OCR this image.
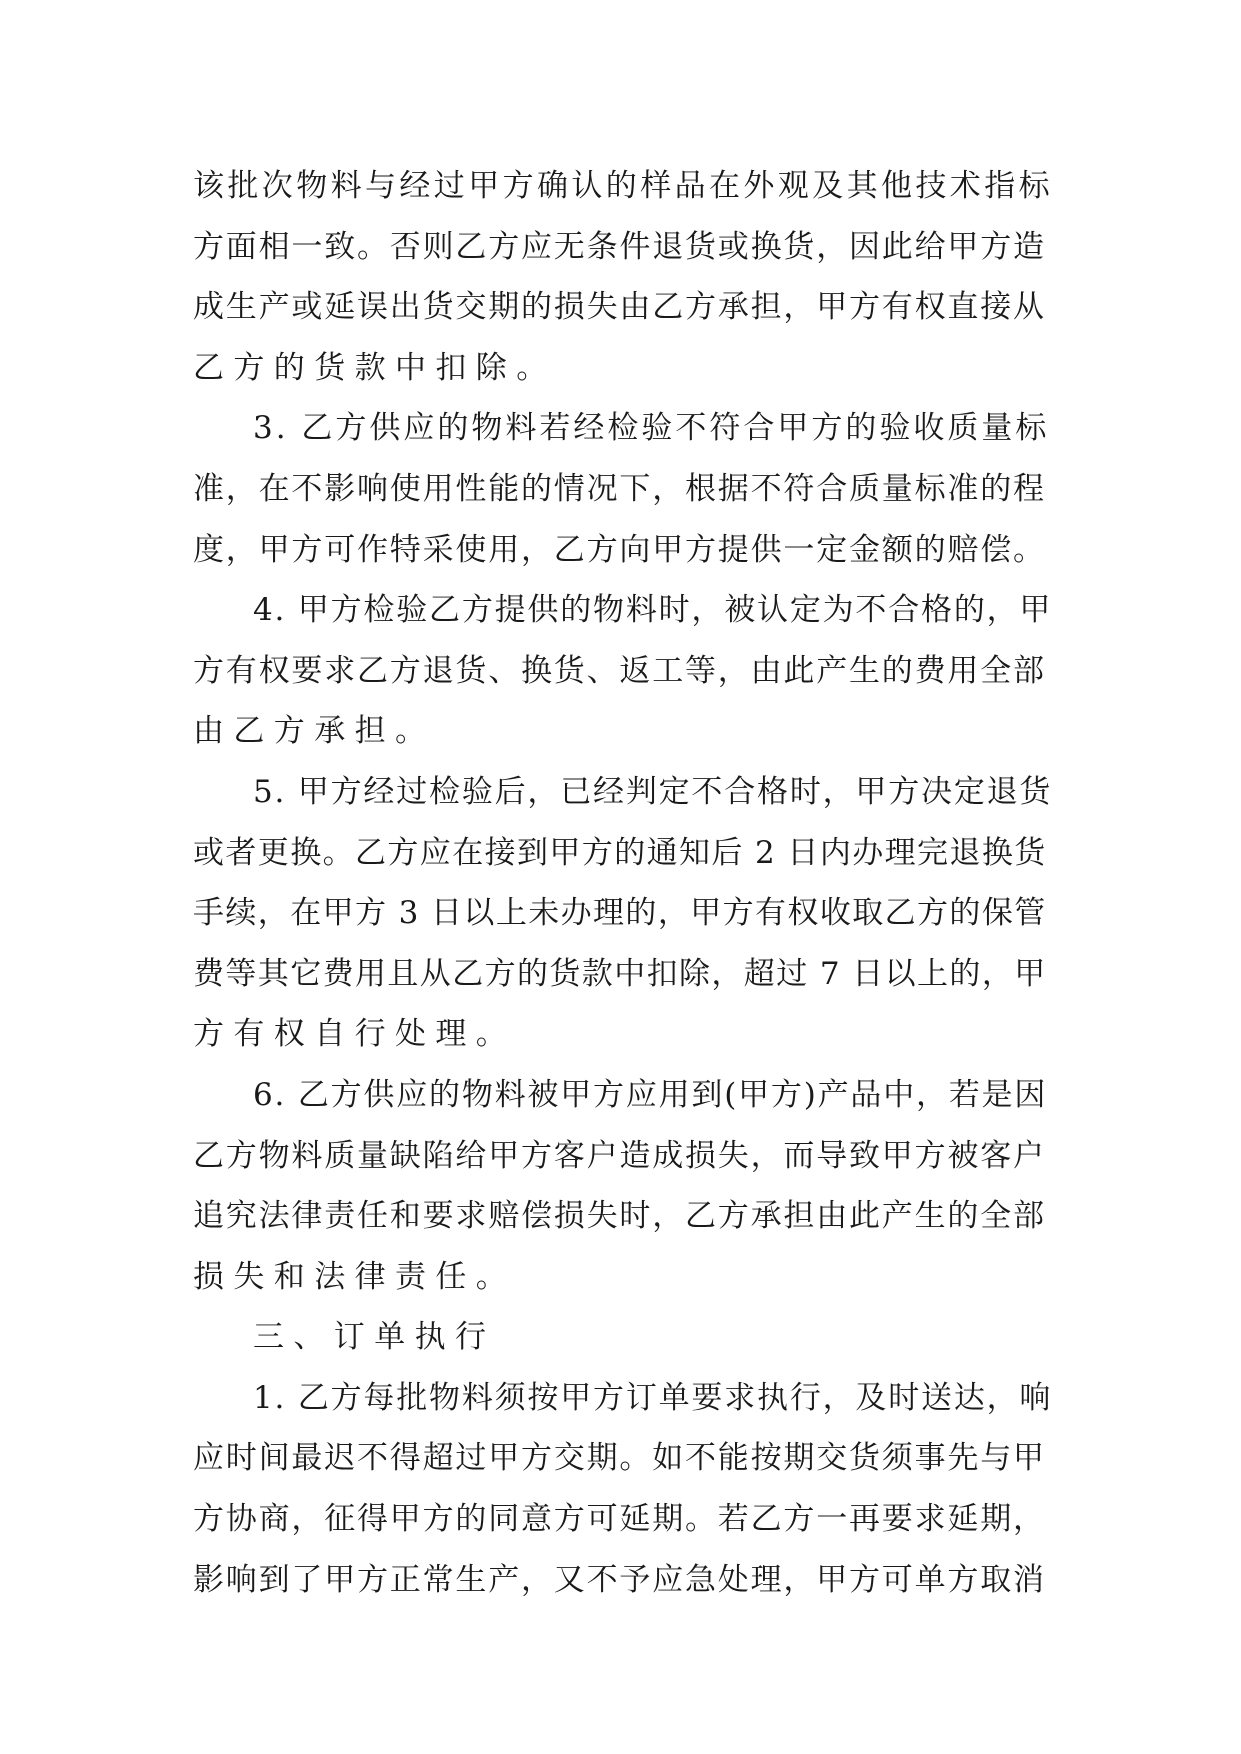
该批次物料与经过甲方确认的样品在外观及其他技术指标
方面相一致。否则乙方应无条件退货或换货，因此给甲方造
成生产或延误出货交期的损失由乙方承担，甲方有权直接从
乙方的货款中扣除。
3. 乙方供应的物料若经检验不符合甲方的验收质量标
准，在不影响使用性能的情况下，根据不符合质量标准的程
度，甲方可作特采使用，乙方向甲方提供一定金额的赔偿。
4. 甲方检验乙方提供的物料时，被认定为不合格的，甲
方有权要求乙方退货、换货、返工等，由此产生的费用全部
由乙方承担。
5. 甲方经过检验后，已经判定不合格时，甲方决定退货
或者更换。乙方应在接到甲方的通知后 2 日内办理完退换货
手续，在甲方 3 日以上未办理的，甲方有权收取乙方的保管
费等其它费用且从乙方的货款中扣除，超过 7 日以上的，甲
方有权自行处理。
6. 乙方供应的物料被甲方应用到(甲方)产品中，若是因
乙方物料质量缺陷给甲方客户造成损失，而导致甲方被客户
追究法律责任和要求赔偿损失时，乙方承担由此产生的全部
损失和法律责任。
三、订单执行
1. 乙方每批物料须按甲方订单要求执行，及时送达，响
应时间最迟不得超过甲方交期。如不能按期交货须事先与甲
方协商，征得甲方的同意方可延期。若乙方一再要求延期，
影响到了甲方正常生产，又不予应急处理，甲方可单方取消
